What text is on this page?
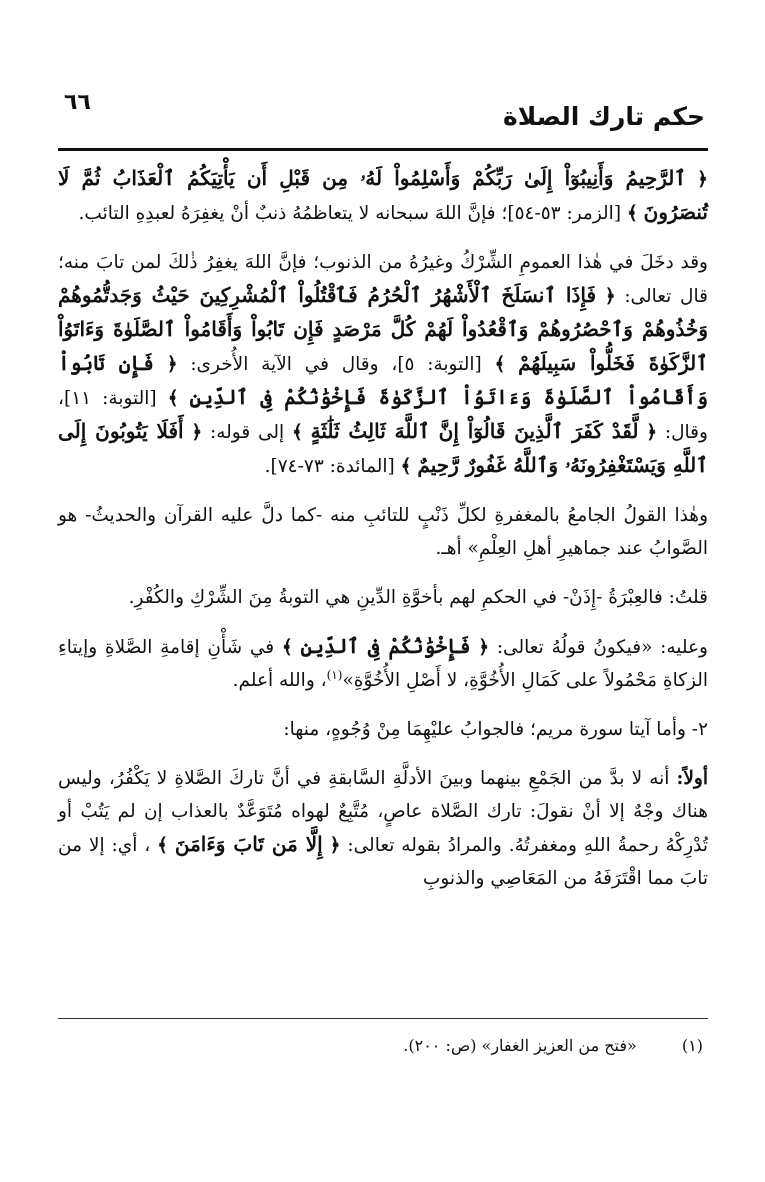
حكم تارك الصلاة
٦٦

﴿ ٱلرَّحِيمُ وَأَنِيبُوٓاْ إِلَىٰ رَبِّكُمْ وَأَسْلِمُواْ لَهُۥ مِن قَبْلِ أَن يَأْتِيَكُمُ ٱلْعَذَابُ ثُمَّ لَا تُنصَرُونَ ﴾ [الزمر: ٥٣-٥٤]؛ فإنَّ اللهَ سبحانه لا يتعاظمُهُ ذنبٌ أنْ يغفِرَهُ لعبدِهِ التائب.

وقد دخَلَ في هٰذا العمومِ الشِّرْكُ وغيرُهُ من الذنوب؛ فإنَّ اللهَ يغفِرُ ذٰلكَ لمن تابَ منه؛ قال تعالى: ﴿ فَإِذَا ٱنسَلَخَ ٱلْأَشْهُرُ ٱلْحُرُمُ فَٱقْتُلُواْ ٱلْمُشْرِكِينَ حَيْثُ وَجَدتُّمُوهُمْ وَخُذُوهُمْ وَٱحْصُرُوهُمْ وَٱقْعُدُواْ لَهُمْ كُلَّ مَرْصَدٍ فَإِن تَابُواْ وَأَقَامُواْ ٱلصَّلَوٰةَ وَءَاتَوُاْ ٱلزَّكَوٰةَ فَخَلُّواْ سَبِيلَهُمْ ﴾ [التوبة: ٥]، وقال في الآية الأُخرى: ﴿ فَإِن تَابُواْ وَأَقَامُواْ ٱلصَّلَوٰةَ وَءَاتَوُاْ ٱلزَّكَوٰةَ فَإِخْوَٰنُكُمْ فِى ٱلدِّينِ ﴾ [التوبة: ١١]، وقال: ﴿ لَّقَدْ كَفَرَ ٱلَّذِينَ قَالُوٓاْ إِنَّ ٱللَّهَ ثَالِثُ ثَلَٰثَةٍ ﴾ إلى قوله: ﴿ أَفَلَا يَتُوبُونَ إِلَى ٱللَّهِ وَيَسْتَغْفِرُونَهُۥ وَٱللَّهُ غَفُورٌ رَّحِيمٌ ﴾ [المائدة: ٧٣-٧٤].

وهٰذا القولُ الجامعُ بالمغفرةِ لكلِّ ذَنْبٍ للتائبِ منه -كما دلَّ عليه القرآن والحديثُ- هو الصَّوابُ عند جماهيرِ أهلِ العِلْمِ» أهـ.

قلتُ: فالعِبْرَةُ -إِذَنْ- في الحكمِ لهم بأخوَّةِ الدِّينِ هي التوبةُ مِنَ الشِّرْكِ والكُفْرِ.

وعليه: «فيكونُ قولُهُ تعالى: ﴿ فَإِخْوَٰنُكُمْ فِى ٱلدِّينِ ﴾ في شَأْنِ إقامةِ الصَّلاةِ وإيتاءِ الزكاةِ مَحْمُولاً على كَمَالِ الأُخُوَّةِ، لا أَصْلِ الأُخُوَّةِ»$^{(١)}$، والله أعلم.

٢- وأما آيتا سورة مريم؛ فالجوابُ عليْهِمَا مِنْ وُجُوهٍ، منها:

أولاً: أنه لا بدَّ من الجَمْعِ بينهما وبينَ الأدلَّةِ السَّابقةِ في أنَّ تاركَ الصَّلاةِ لا يَكْفُرُ، وليس هناك وجْهٌ إلا أنْ نقولَ: تارك الصَّلاة عاصٍ، مُتَّبِعٌ لهواه مُتَوَعَّدٌ بالعذاب إن لم يَتُبْ أو تُدْرِكْهُ رحمةُ اللهِ ومغفرتُهُ. والمرادُ بقوله تعالى: ﴿ إِلَّا مَن تَابَ وَءَامَنَ ﴾ ، أي: إلا من تابَ مما اقْتَرَفَهُ من المَعَاصِي والذنوبِ

(١) «فتح من العزيز الغفار» (ص: ٢٠٠).
